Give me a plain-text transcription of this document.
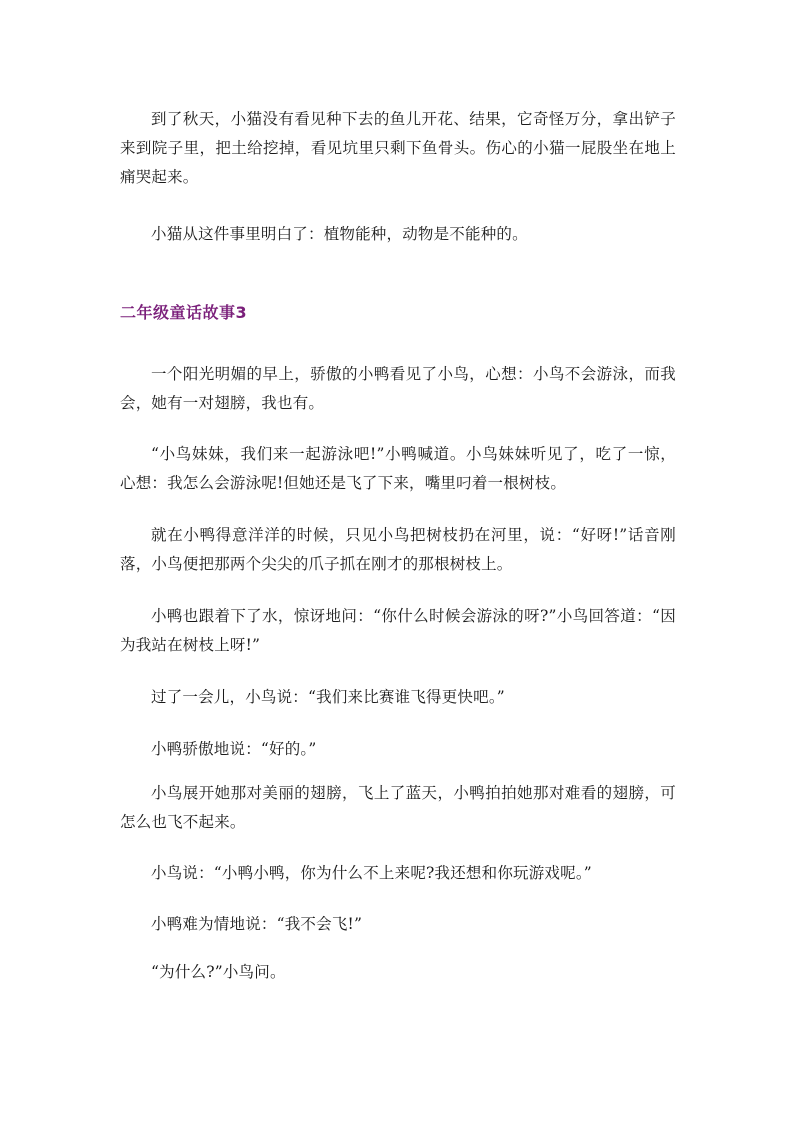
到了秋天，小猫没有看见种下去的鱼儿开花、结果，它奇怪万分，拿出铲子来到院子里，把土给挖掉，看见坑里只剩下鱼骨头。伤心的小猫一屁股坐在地上痛哭起来。

小猫从这件事里明白了：植物能种，动物是不能种的。

二年级童话故事3

一个阳光明媚的早上，骄傲的小鸭看见了小鸟，心想：小鸟不会游泳，而我会，她有一对翅膀，我也有。

“小鸟妹妹，我们来一起游泳吧!”小鸭喊道。小鸟妹妹听见了，吃了一惊，心想：我怎么会游泳呢!但她还是飞了下来，嘴里叼着一根树枝。

就在小鸭得意洋洋的时候，只见小鸟把树枝扔在河里，说：“好呀!”话音刚落，小鸟便把那两个尖尖的爪子抓在刚才的那根树枝上。

小鸭也跟着下了水，惊讶地问：“你什么时候会游泳的呀?”小鸟回答道：“因为我站在树枝上呀!”

过了一会儿，小鸟说：“我们来比赛谁飞得更快吧。”

小鸭骄傲地说：“好的。”

小鸟展开她那对美丽的翅膀，飞上了蓝天，小鸭拍拍她那对难看的翅膀，可怎么也飞不起来。

小鸟说：“小鸭小鸭，你为什么不上来呢?我还想和你玩游戏呢。”

小鸭难为情地说：“我不会飞!”

“为什么?”小鸟问。
